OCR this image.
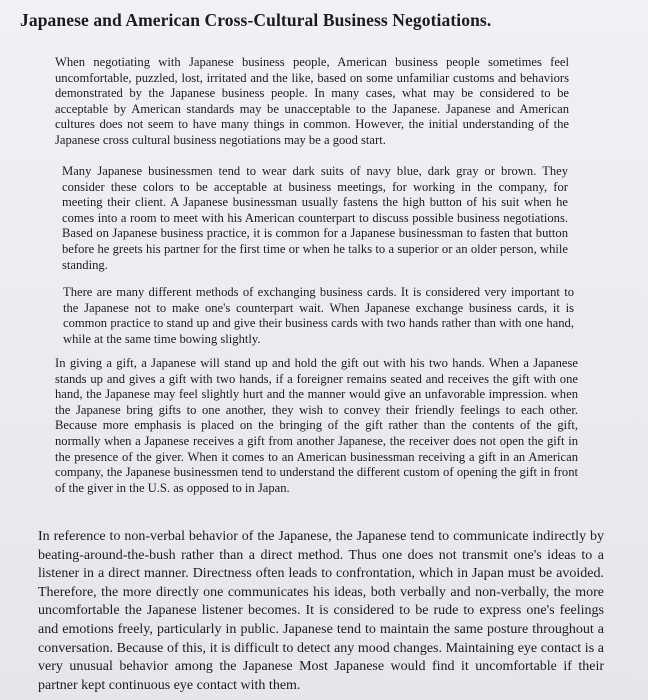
Japanese and American Cross-Cultural Business Negotiations.

When negotiating with Japanese business people, American business people sometimes feel uncomfortable, puzzled, lost, irritated and the like, based on some unfamiliar customs and behaviors demonstrated by the Japanese business people. In many cases, what may be considered to be acceptable by American standards may be unacceptable to the Japanese. Japanese and American cultures does not seem to have many things in common. However, the initial understanding of the Japanese cross cultural business negotiations may be a good start.

Many Japanese businessmen tend to wear dark suits of navy blue, dark gray or brown. They consider these colors to be acceptable at business meetings, for working in the company, for meeting their client. A Japanese businessman usually fastens the high button of his suit when he comes into a room to meet with his American counterpart to discuss possible business negotiations. Based on Japanese business practice, it is common for a Japanese businessman to fasten that button before he greets his partner for the first time or when he talks to a superior or an older person, while standing.

There are many different methods of exchanging business cards. It is considered very important to the Japanese not to make one's counterpart wait. When Japanese exchange business cards, it is common practice to stand up and give their business cards with two hands rather than with one hand, while at the same time bowing slightly.

In giving a gift, a Japanese will stand up and hold the gift out with his two hands. When a Japanese stands up and gives a gift with two hands, if a foreigner remains seated and receives the gift with one hand, the Japanese may feel slightly hurt and the manner would give an unfavorable impression. when the Japanese bring gifts to one another, they wish to convey their friendly feelings to each other. Because more emphasis is placed on the bringing of the gift rather than the contents of the gift, normally when a Japanese receives a gift from another Japanese, the receiver does not open the gift in the presence of the giver. When it comes to an American businessman receiving a gift in an American company, the Japanese businessmen tend to understand the different custom of opening the gift in front of the giver in the U.S. as opposed to in Japan.

In reference to non-verbal behavior of the Japanese, the Japanese tend to communicate indirectly by beating-around-the-bush rather than a direct method. Thus one does not transmit one's ideas to a listener in a direct manner. Directness often leads to confrontation, which in Japan must be avoided. Therefore, the more directly one communicates his ideas, both verbally and non-verbally, the more uncomfortable the Japanese listener becomes. It is considered to be rude to express one's feelings and emotions freely, particularly in public. Japanese tend to maintain the same posture throughout a conversation. Because of this, it is difficult to detect any mood changes. Maintaining eye contact is a very unusual behavior among the Japanese Most Japanese would find it uncomfortable if their partner kept continuous eye contact with them.
